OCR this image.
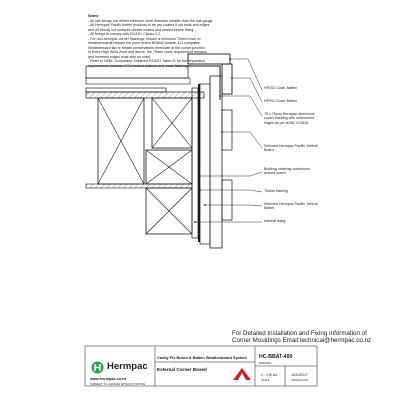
Notes:
- All nail fixings pre-drilled minimum 1mm diameter smaller than the nail gauge.
- All Hermpac Pacific timber products to be pre-coated 6 cut ends and edges
and all freshly cut surfaces double coated and sealed before fixing.
- All fixings to comply with E2/AS1 Clause 2.2
- For non-hermpac corner flashings: ensure a minimum 75mm cover to
Weatherboards beyond the point where BRANZ bulletin 411 compliant
Weatherboard lap or rebate combinations terminate at the corner junction.
In Extra High Wind Zone and above, the 75mm cover requirement remains
and hemmed edges must also be used.
- Refer to NZBC Acceptable Solutions E2/AS1 Table 21 for the separation
requirements between CCA treated battens and metal flashings.
HP202 Cover Batten
HP201 Cover Batten
75 x 75mm Hermpac aluminium corner flashing with unhemmed edges as per NZBC E2/AS1
Selected Hermpac Pacific Vertical Board
Building underlay continuous around corner
Timber framing
Selected Hermpac Pacific Vertical Batten
Internal lining
For Detailed Installation and Fixing Information of
Corner Mouldings Email:technical@hermpac.co.nz
Hermpac
www.hermpac.co.nz
SUBJECT TO CHANGE WITHOUT NOTICE
Cavity Fix Board & Batten Weatherboard System
External Corner Boxed
HC-BBAT-400
DRAWING
1 : 2 @ A4
SCALE
16/10/2017
ISSUED DATE
